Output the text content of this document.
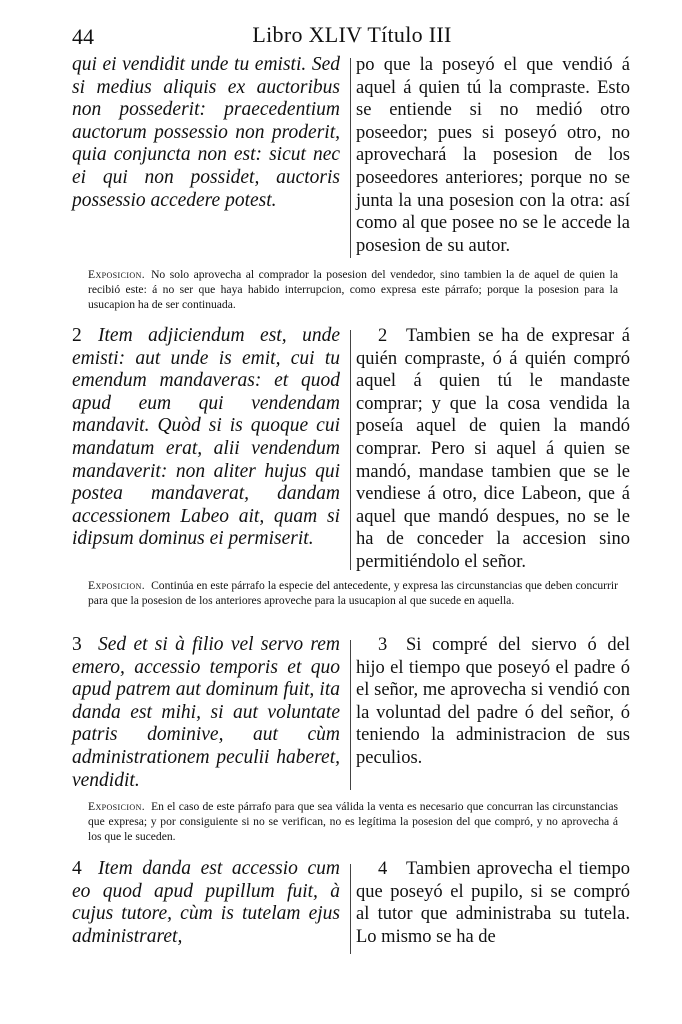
44	Libro XLIV Título III

qui ei vendidit unde tu emisti. Sed si medius aliquis ex auctoribus non possederit: praecedentium auctorum possessio non proderit, quia conjuncta non est: sicut nec ei qui non possidet, auctoris possessio accedere potest.

po que la poseyó el que vendió á aquel á quien tú la compraste. Esto se entiende si no medió otro poseedor; pues si poseyó otro, no aprovechará la posesion de los poseedores anteriores; porque no se junta la una posesion con la otra: así como al que posee no se le accede la posesion de su autor.

Exposicion. No solo aprovecha al comprador la posesion del vendedor, sino tambien la de aquel de quien la recibió este: á no ser que haya habido interrupcion, como expresa este párrafo; porque la posesion para la usucapion ha de ser continuada.

2 Item adjiciendum est, unde emisti: aut unde is emit, cui tu emendum mandaveras: et quod apud eum qui vendendam mandavit. Quòd si is quoque cui mandatum erat, alii vendendum mandaverit: non aliter hujus qui postea mandaverat, dandam accessionem Labeo ait, quam si idipsum dominus ei permiserit.

2 Tambien se ha de expresar á quién compraste, ó á quién compró aquel á quien tú le mandaste comprar; y que la cosa vendida la poseía aquel de quien la mandó comprar. Pero si aquel á quien se mandó, mandase tambien que se le vendiese á otro, dice Labeon, que á aquel que mandó despues, no se le ha de conceder la accesion sino permitiéndolo el señor.

Exposicion. Continúa en este párrafo la especie del antecedente, y expresa las circunstancias que deben concurrir para que la posesion de los anteriores aproveche para la usucapion al que sucede en aquella.

3 Sed et si à filio vel servo rem emero, accessio temporis et quo apud patrem aut dominum fuit, ita danda est mihi, si aut voluntate patris dominive, aut cùm administrationem peculii haberet, vendidit.

3 Si compré del siervo ó del hijo el tiempo que poseyó el padre ó el señor, me aprovecha si vendió con la voluntad del padre ó del señor, ó teniendo la administracion de sus peculios.

Exposicion. En el caso de este párrafo para que sea válida la venta es necesario que concurran las circunstancias que expresa; y por consiguiente si no se verifican, no es legítima la posesion del que compró, y no aprovecha á los que le suceden.

4 Item danda est accessio cum eo quod apud pupillum fuit, à cujus tutore, cùm is tutelam ejus administraret,

4 Tambien aprovecha el tiempo que poseyó el pupilo, si se compró al tutor que administraba su tutela. Lo mismo se ha de
